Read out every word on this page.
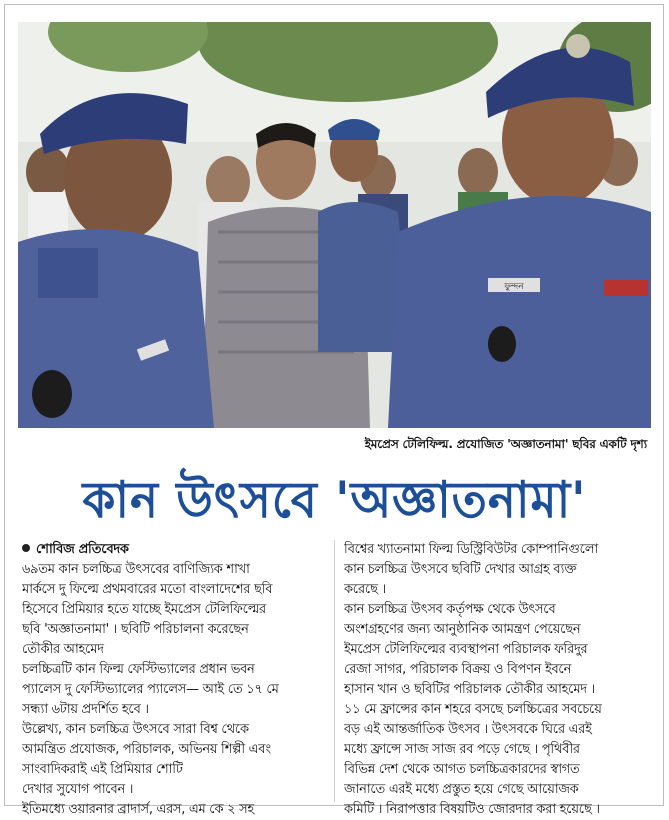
ফুন্দন
ইমপ্রেস টেলিফিল্ম. প্রযোজিত 'অজ্ঞাতনামা' ছবির একটি দৃশ্য
কান উৎসবে 'অজ্ঞাতনামা'
শোবিজ প্রতিবেদক
৬৯তম কান চলচ্চিত্র উৎসবের বাণিজ্যিক শাখা
মার্কসে দু ফিল্মে প্রথমবারের মতো বাংলাদেশের ছবি
হিসেবে প্রিমিয়ার হতে যাচ্ছে ইমপ্রেস টেলিফিল্মের
ছবি 'অজ্ঞাতনামা' । ছবিটি পরিচালনা করেছেন
তৌকীর আহমেদ
চলচ্চিত্রটি কান ফিল্ম ফেস্টিভ্যালের প্রধান ভবন
প্যালেস দু ফেস্টিভ্যালের প্যালেস— আই তে ১৭ মে
সন্ধ্যা ৬টায় প্রদর্শিত হবে ।
উল্লেখ্য, কান চলচ্চিত্র উৎসবে সারা বিশ্ব থেকে
আমন্ত্রিত প্রযোজক, পরিচালক, অভিনয় শিল্পী এবং
সাংবাদিকরাই এই প্রিমিয়ার শোটি
দেখার সুযোগ পাবেন ।
ইতিমধ্যে ওয়ারনার ব্রাদার্স, এরস, এম কে ২ সহ
বিশ্বের খ্যাতনামা ফিল্ম ডিস্ট্রিবিউটর কোম্পানিগুলো
কান চলচ্চিত্র উৎসবে ছবিটি দেখার আগ্রহ ব্যক্ত
করেছে ।
কান চলচ্চিত্র উৎসব কর্তৃপক্ষ থেকে উৎসবে
অংশগ্রহণের জন্য আনুষ্ঠানিক আমন্ত্রণ পেয়েছেন
ইমপ্রেস টেলিফিল্মের ব্যবস্থাপনা পরিচালক ফরিদুর
রেজা সাগর, পরিচালক বিক্রয় ও বিপণন ইবনে
হাসান খান ও ছবিটির পরিচালক তৌকীর আহমেদ ।
১১ মে ফ্রান্সের কান শহরে বসছে চলচ্চিত্রের সবচেয়ে
বড় এই আন্তর্জাতিক উৎসব । উৎসবকে ঘিরে এরই
মধ্যে ফ্রান্সে সাজ সাজ রব পড়ে গেছে । পৃথিবীর
বিভিন্ন দেশ থেকে আগত চলচ্চিত্রকারদের স্বাগত
জানাতে এরই মধ্যে প্রস্তুত হয়ে গেছে আয়োজক
কমিটি । নিরাপত্তার বিষয়টিও জোরদার করা হয়েছে ।
